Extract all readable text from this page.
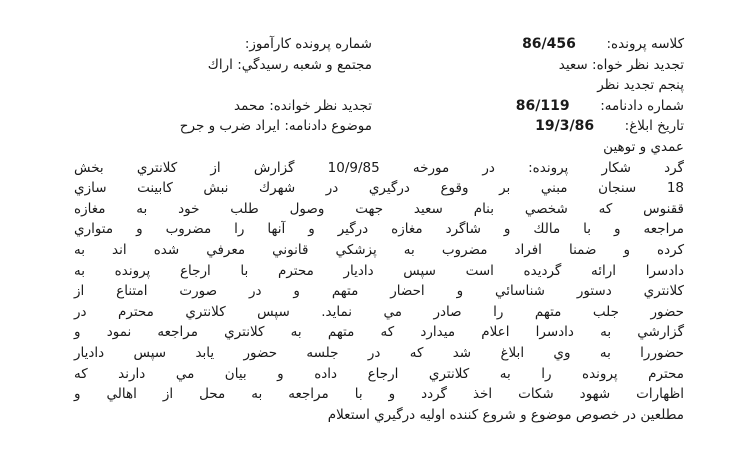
كلاسه پرونده:  86/456
شماره پرونده كارآموز:
تجديد نظر خواه: سعيد
مجتمع و شعبه رسيدگي: اراك
پنجم تجديد نظر
شماره دادنامه:  86/119
تجديد نظر خوانده: محمد
تاريخ ابلاغ:  19/3/86
موضوع دادنامه: ايراد ضرب و جرح
عمدي و توهين
گرد شكار پرونده: در مورخه 10/9/85 گزارش از كلانتري بخش
18 سنجان مبني بر وقوع درگيري در شهرك نبش كابينت سازي
ققنوس كه شخصي بنام سعيد جهت وصول طلب خود به مغازه
مراجعه و با مالك و شاگرد مغازه درگير و آنها را مضروب و متواري
كرده و ضمنا افراد مضروب به پزشكي قانوني معرفي شده اند به
دادسرا ارائه گرديده است سپس داديار محترم با ارجاع پرونده به
كلانتري دستور شناسائي و احضار متهم و در صورت امتناع از
حضور جلب متهم را صادر مي نمايد. سپس كلانتري محترم در
گزارشي به دادسرا اعلام ميدارد كه متهم به كلانتري مراجعه نمود و
حضوررا به وي ابلاغ شد كه در جلسه حضور يابد سپس داديار
محترم پرونده را به كلانتري ارجاع داده و بيان مي دارند كه
اظهارات شهود شكات اخذ گردد و با مراجعه به محل از اهالي و
مطلعين در خصوص موضوع و شروع كننده اوليه درگيري استعلام
